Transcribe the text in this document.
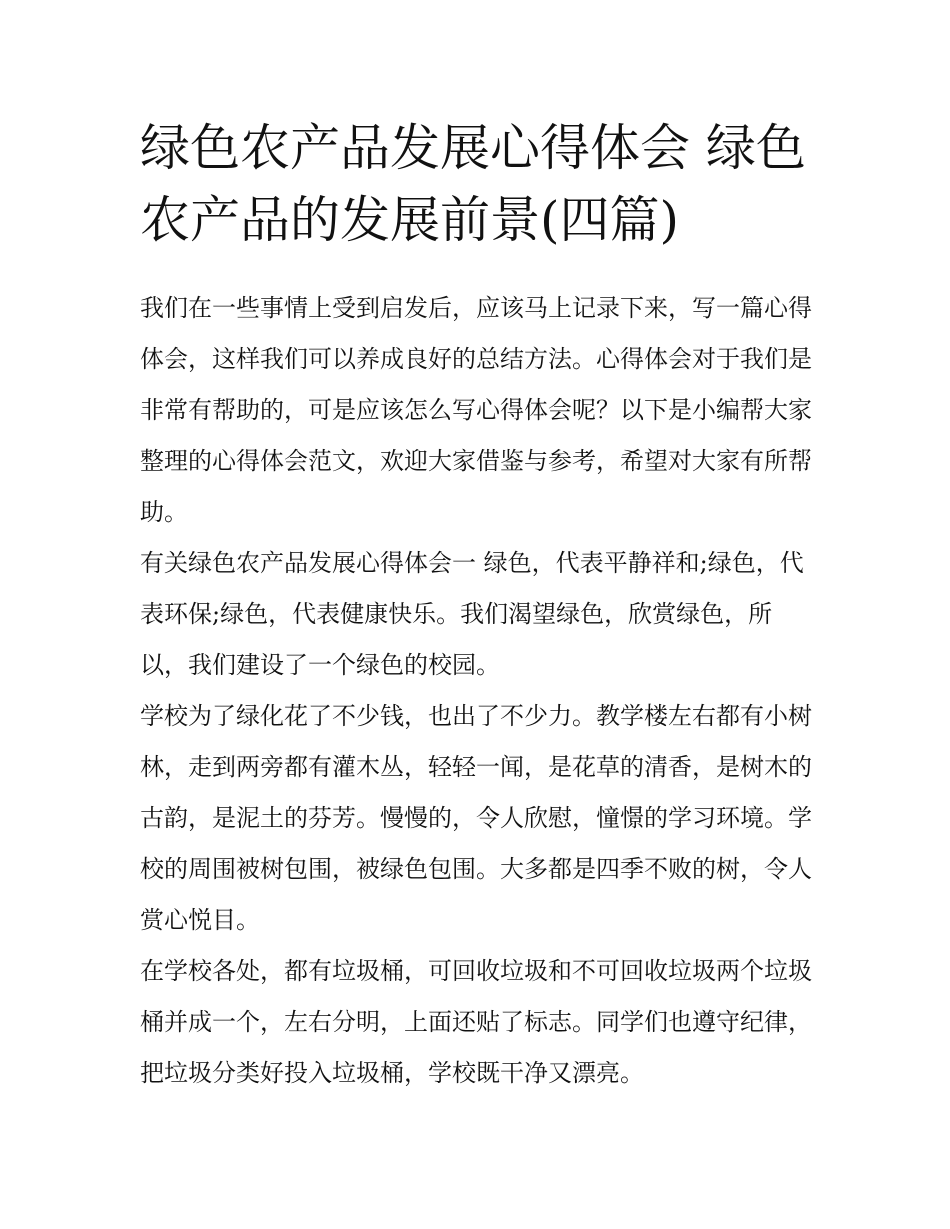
绿色农产品发展心得体会 绿色农产品的发展前景(四篇)

我们在一些事情上受到启发后，应该马上记录下来，写一篇心得体会，这样我们可以养成良好的总结方法。心得体会对于我们是非常有帮助的，可是应该怎么写心得体会呢？以下是小编帮大家整理的心得体会范文，欢迎大家借鉴与参考，希望对大家有所帮助。

有关绿色农产品发展心得体会一 绿色，代表平静祥和;绿色，代表环保;绿色，代表健康快乐。我们渴望绿色，欣赏绿色，所以，我们建设了一个绿色的校园。

学校为了绿化花了不少钱，也出了不少力。教学楼左右都有小树林，走到两旁都有灌木丛，轻轻一闻，是花草的清香，是树木的古韵，是泥土的芬芳。慢慢的，令人欣慰，憧憬的学习环境。学校的周围被树包围，被绿色包围。大多都是四季不败的树，令人赏心悦目。

在学校各处，都有垃圾桶，可回收垃圾和不可回收垃圾两个垃圾桶并成一个，左右分明，上面还贴了标志。同学们也遵守纪律，把垃圾分类好投入垃圾桶，学校既干净又漂亮。
